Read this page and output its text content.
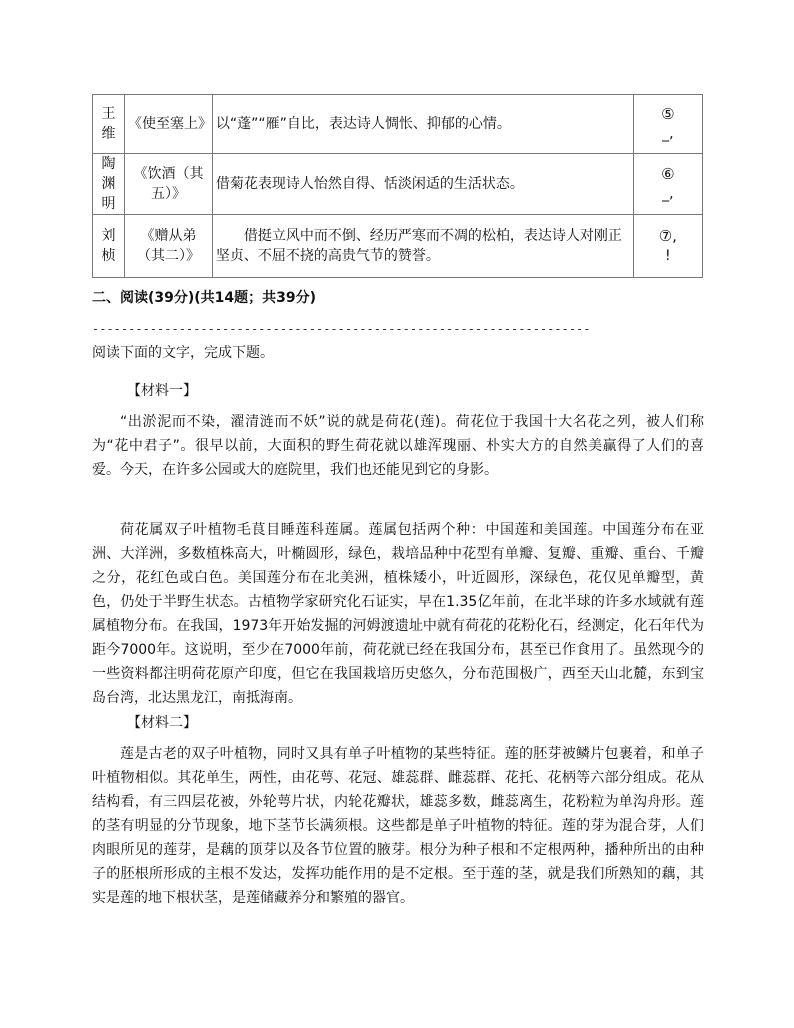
王维	《使至塞上》	以“蓬”“雁”自比，表达诗人惆怅、抑郁的心情。	⑤
_,

陶渊明	《饮酒（其五）》	借菊花表现诗人怡然自得、恬淡闲适的生活状态。	⑥
_,

刘桢	《赠从弟（其二）》	借挺立风中而不倒、经历严寒而不凋的松柏，表达诗人对刚正坚贞、不屈不挠的高贵气节的赞誉。	⑦,
!
二、阅读(39分)(共14题；共39分)
---------------------------------------------------------------------
阅读下面的文字，完成下题。
【材料一】

“出淤泥而不染，濯清涟而不妖”说的就是荷花(莲)。荷花位于我国十大名花之列，被人们称为“花中君子”。很早以前，大面积的野生荷花就以雄浑瑰丽、朴实大方的自然美赢得了人们的喜爱。今天，在许多公园或大的庭院里，我们也还能见到它的身影。

荷花属双子叶植物毛茛目睡莲科莲属。莲属包括两个种：中国莲和美国莲。中国莲分布在亚洲、大洋洲，多数植株高大，叶椭圆形，绿色，栽培品种中花型有单瓣、复瓣、重瓣、重台、千瓣之分，花红色或白色。美国莲分布在北美洲，植株矮小，叶近圆形，深绿色，花仅见单瓣型，黄色，仍处于半野生状态。古植物学家研究化石证实，早在1.35亿年前，在北半球的许多水域就有莲属植物分布。在我国，1973年开始发掘的河姆渡遗址中就有荷花的花粉化石，经测定，化石年代为距今7000年。这说明，至少在7000年前，荷花就已经在我国分布，甚至已作食用了。虽然现今的一些资料都注明荷花原产印度，但它在我国栽培历史悠久，分布范围极广，西至天山北麓，东到宝岛台湾，北达黑龙江，南抵海南。

【材料二】

莲是古老的双子叶植物，同时又具有单子叶植物的某些特征。莲的胚芽被鳞片包裹着，和单子叶植物相似。其花单生，两性，由花萼、花冠、雄蕊群、雌蕊群、花托、花柄等六部分组成。花从结构看，有三四层花被，外轮萼片状，内轮花瓣状，雄蕊多数，雌蕊离生，花粉粒为单沟舟形。莲的茎有明显的分节现象，地下茎节长满须根。这些都是单子叶植物的特征。莲的芽为混合芽，人们肉眼所见的莲芽，是藕的顶芽以及各节位置的腋芽。根分为种子根和不定根两种，播种所出的由种子的胚根所形成的主根不发达，发挥功能作用的是不定根。至于莲的茎，就是我们所熟知的藕，其实是莲的地下根状茎，是莲储藏养分和繁殖的器官。
